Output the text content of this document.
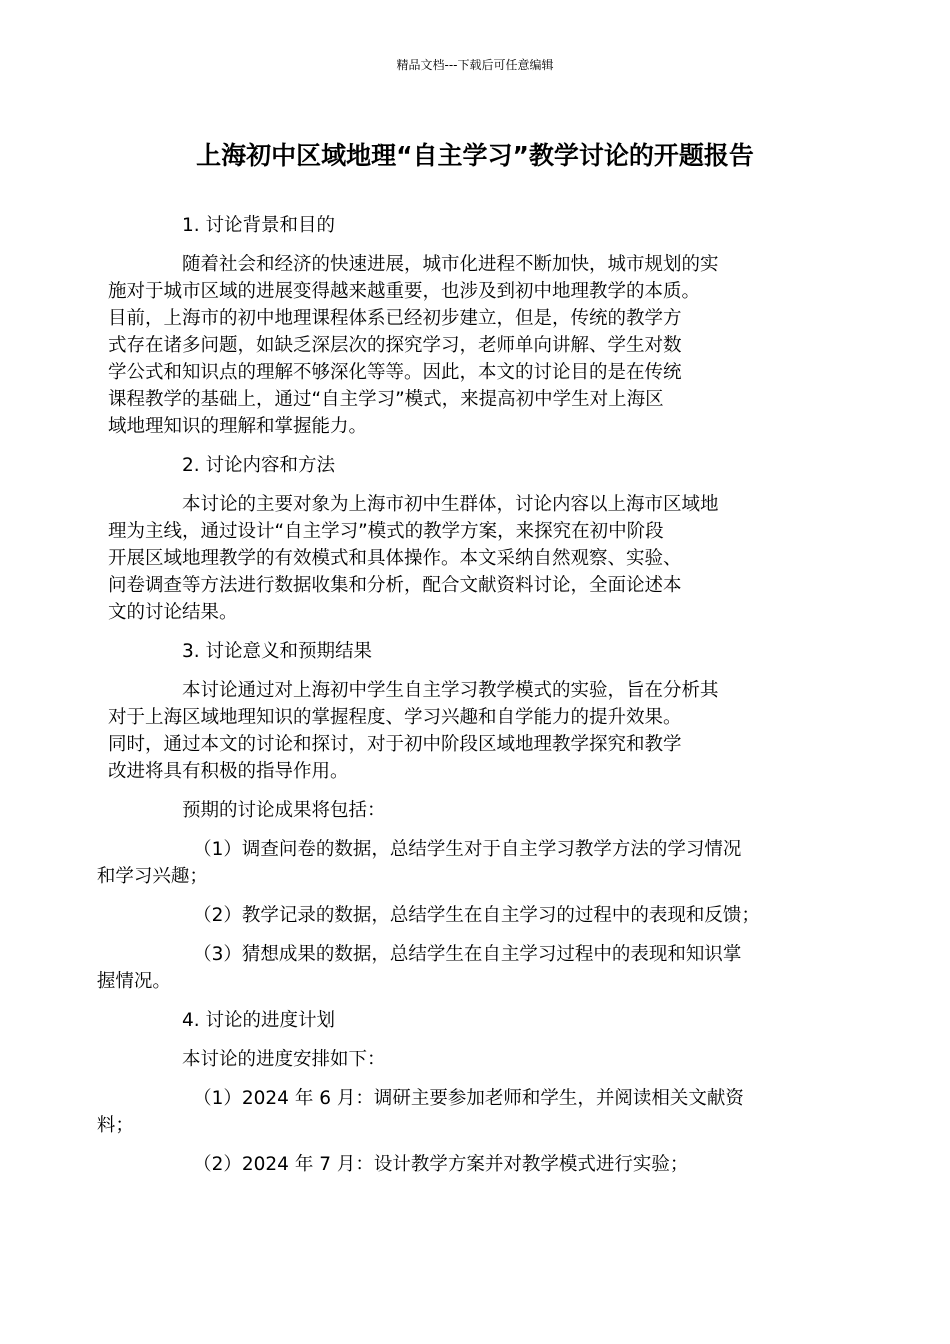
精品文档---下载后可任意编辑
上海初中区域地理“自主学习”教学讨论的开题报告

1. 讨论背景和目的

随着社会和经济的快速进展，城市化进程不断加快，城市规划的实
施对于城市区域的进展变得越来越重要，也涉及到初中地理教学的本质。
目前，上海市的初中地理课程体系已经初步建立，但是，传统的教学方
式存在诸多问题，如缺乏深层次的探究学习，老师单向讲解、学生对数
学公式和知识点的理解不够深化等等。因此，本文的讨论目的是在传统
课程教学的基础上，通过“自主学习”模式，来提高初中学生对上海区
域地理知识的理解和掌握能力。

2. 讨论内容和方法

本讨论的主要对象为上海市初中生群体，讨论内容以上海市区域地
理为主线，通过设计“自主学习”模式的教学方案，来探究在初中阶段
开展区域地理教学的有效模式和具体操作。本文采纳自然观察、实验、
问卷调查等方法进行数据收集和分析，配合文献资料讨论，全面论述本
文的讨论结果。

3. 讨论意义和预期结果

本讨论通过对上海初中学生自主学习教学模式的实验，旨在分析其
对于上海区域地理知识的掌握程度、学习兴趣和自学能力的提升效果。
同时，通过本文的讨论和探讨，对于初中阶段区域地理教学探究和教学
改进将具有积极的指导作用。

预期的讨论成果将包括：

（1）调查问卷的数据，总结学生对于自主学习教学方法的学习情况
和学习兴趣；

（2）教学记录的数据，总结学生在自主学习的过程中的表现和反馈；

（3）猜想成果的数据，总结学生在自主学习过程中的表现和知识掌
握情况。

4. 讨论的进度计划

本讨论的进度安排如下：

（1）2024 年 6 月：调研主要参加老师和学生，并阅读相关文献资
料；

（2）2024 年 7 月：设计教学方案并对教学模式进行实验；
